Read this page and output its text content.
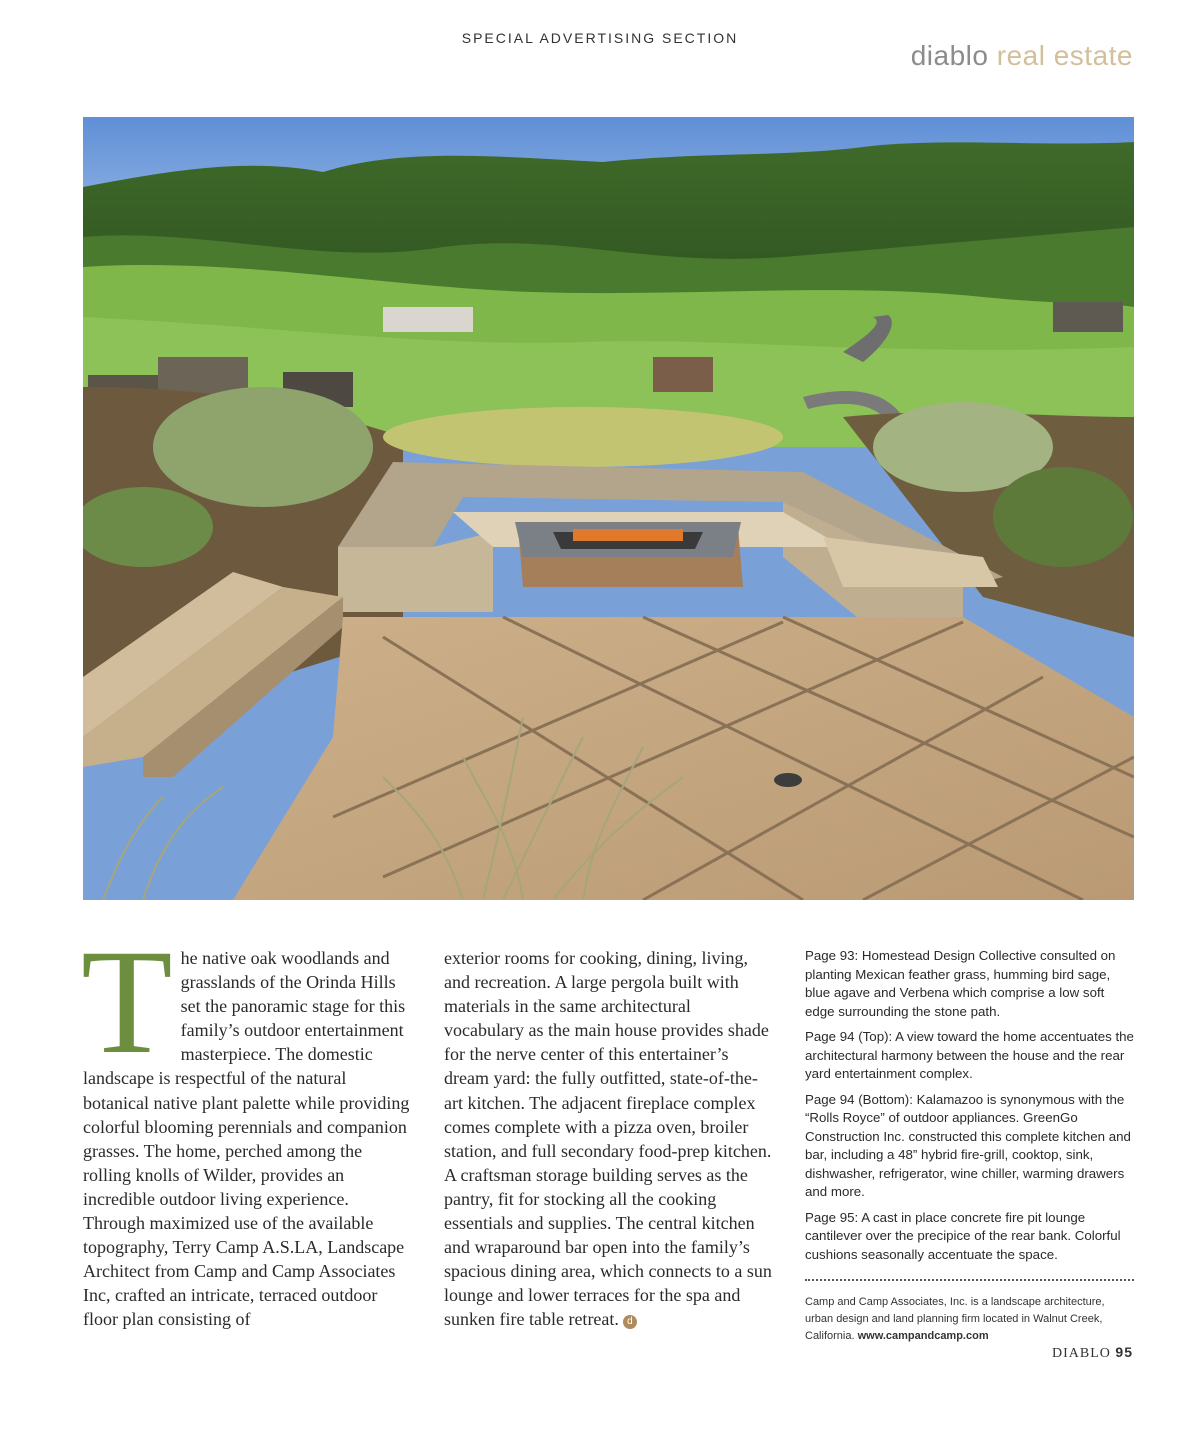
SPECIAL ADVERTISING SECTION
diablo real estate
T he native oak woodlands and grasslands of the Orinda Hills set the panoramic stage for this family’s outdoor entertainment masterpiece. The domestic landscape is respectful of the natural botanical native plant palette while providing colorful blooming perennials and companion grasses. The home, perched among the rolling knolls of Wilder, provides an incredible outdoor living experience. Through maximized use of the available topography, Terry Camp A.S.LA, Landscape Architect from Camp and Camp Associates Inc, crafted an intricate, terraced outdoor floor plan consisting of
exterior rooms for cooking, dining, living, and recreation. A large pergola built with materials in the same architectural vocabulary as the main house provides shade for the nerve center of this entertainer’s dream yard: the fully outfitted, state-of-the-art kitchen. The adjacent fireplace complex comes complete with a pizza oven, broiler station, and full secondary food-prep kitchen. A craftsman storage building serves as the pantry, fit for stocking all the cooking essentials and supplies. The central kitchen and wraparound bar open into the family’s spacious dining area, which connects to a sun lounge and lower terraces for the spa and sunken fire table retreat. d

Page 93: Homestead Design Collective consulted on planting Mexican feather grass, humming bird sage, blue agave and Verbena which comprise a low soft edge surrounding the stone path.

Page 94 (Top): A view toward the home accentuates the architectural harmony between the house and the rear yard entertainment complex.

Page 94 (Bottom): Kalamazoo is synonymous with the “Rolls Royce” of outdoor appliances. GreenGo Construction Inc. constructed this complete kitchen and bar, including a 48” hybrid fire-grill, cooktop, sink, dishwasher, refrigerator, wine chiller, warming drawers and more.

Page 95: A cast in place concrete fire pit lounge cantilever over the precipice of the rear bank. Colorful cushions seasonally accentuate the space.

Camp and Camp Associates, Inc. is a landscape architecture, urban design and land planning firm located in Walnut Creek, California. www.campandcamp.com
DIABLO 95
